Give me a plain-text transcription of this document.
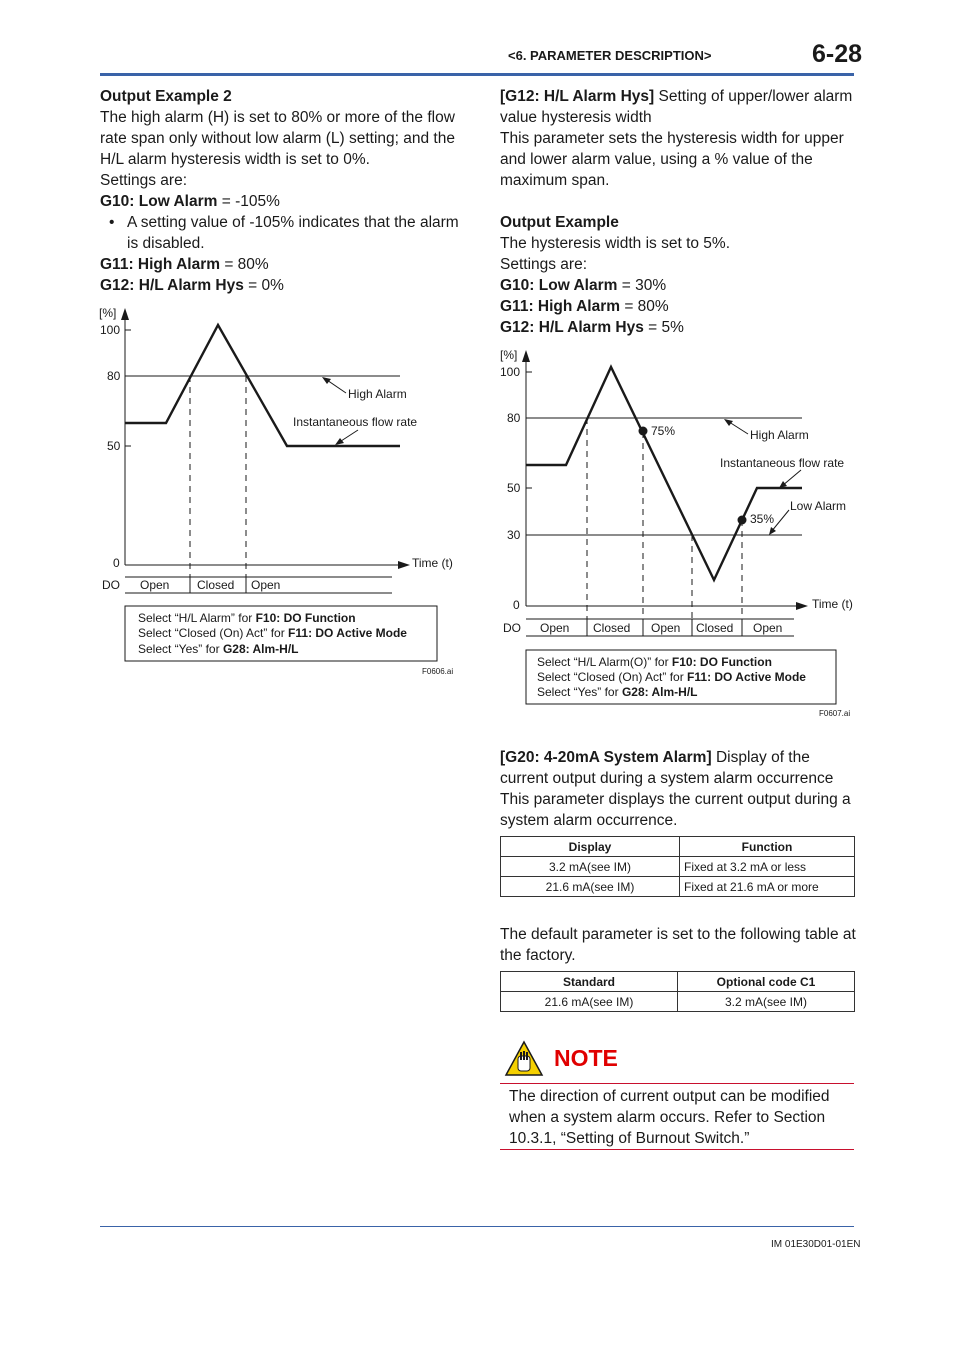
<6. PARAMETER DESCRIPTION>	6-28

Output Example 2

The high alarm (H) is set to 80% or more of the flow rate span only without low alarm (L) setting; and the H/L alarm hysteresis width is set to 0%.

Settings are:

G10: Low Alarm = -105%

• A setting value of -105% indicates that the alarm is disabled.

G11: High Alarm = 80%

G12: H/L Alarm Hys = 0%

[%]
100
80
50
0
High Alarm
Instantaneous flow rate
Time (t)
DO Open Closed Open
Select “H/L Alarm” for F10: DO Function
Select “Closed (On) Act” for F11: DO Active Mode
Select “Yes” for G28: Alm-H/L
F0606.ai

[G12: H/L Alarm Hys] Setting of upper/lower alarm value hysteresis width

This parameter sets the hysteresis width for upper and lower alarm value, using a % value of the maximum span.

Output Example

The hysteresis width is set to 5%.

Settings are:

G10: Low Alarm = 30%

G11: High Alarm = 80%

G12: H/L Alarm Hys = 5%

[%]
100
80
50
30
0
75%
35%
High Alarm
Instantaneous flow rate
Low Alarm
Time (t)
DO Open Closed Open Closed Open
Select “H/L Alarm(O)” for F10: DO Function
Select “Closed (On) Act” for F11: DO Active Mode
Select “Yes” for G28: Alm-H/L
F0607.ai

[G20: 4-20mA System Alarm] Display of the current output during a system alarm occurrence

This parameter displays the current output during a system alarm occurrence.

Display	Function
3.2 mA(see IM)	Fixed at 3.2 mA or less
21.6 mA(see IM)	Fixed at 21.6 mA or more

The default parameter is set to the following table at the factory.

Standard	Optional code C1
21.6 mA(see IM)	3.2 mA(see IM)
NOTE

The direction of current output can be modified when a system alarm occurs. Refer to Section 10.3.1, “Setting of Burnout Switch.”

IM 01E30D01-01EN
